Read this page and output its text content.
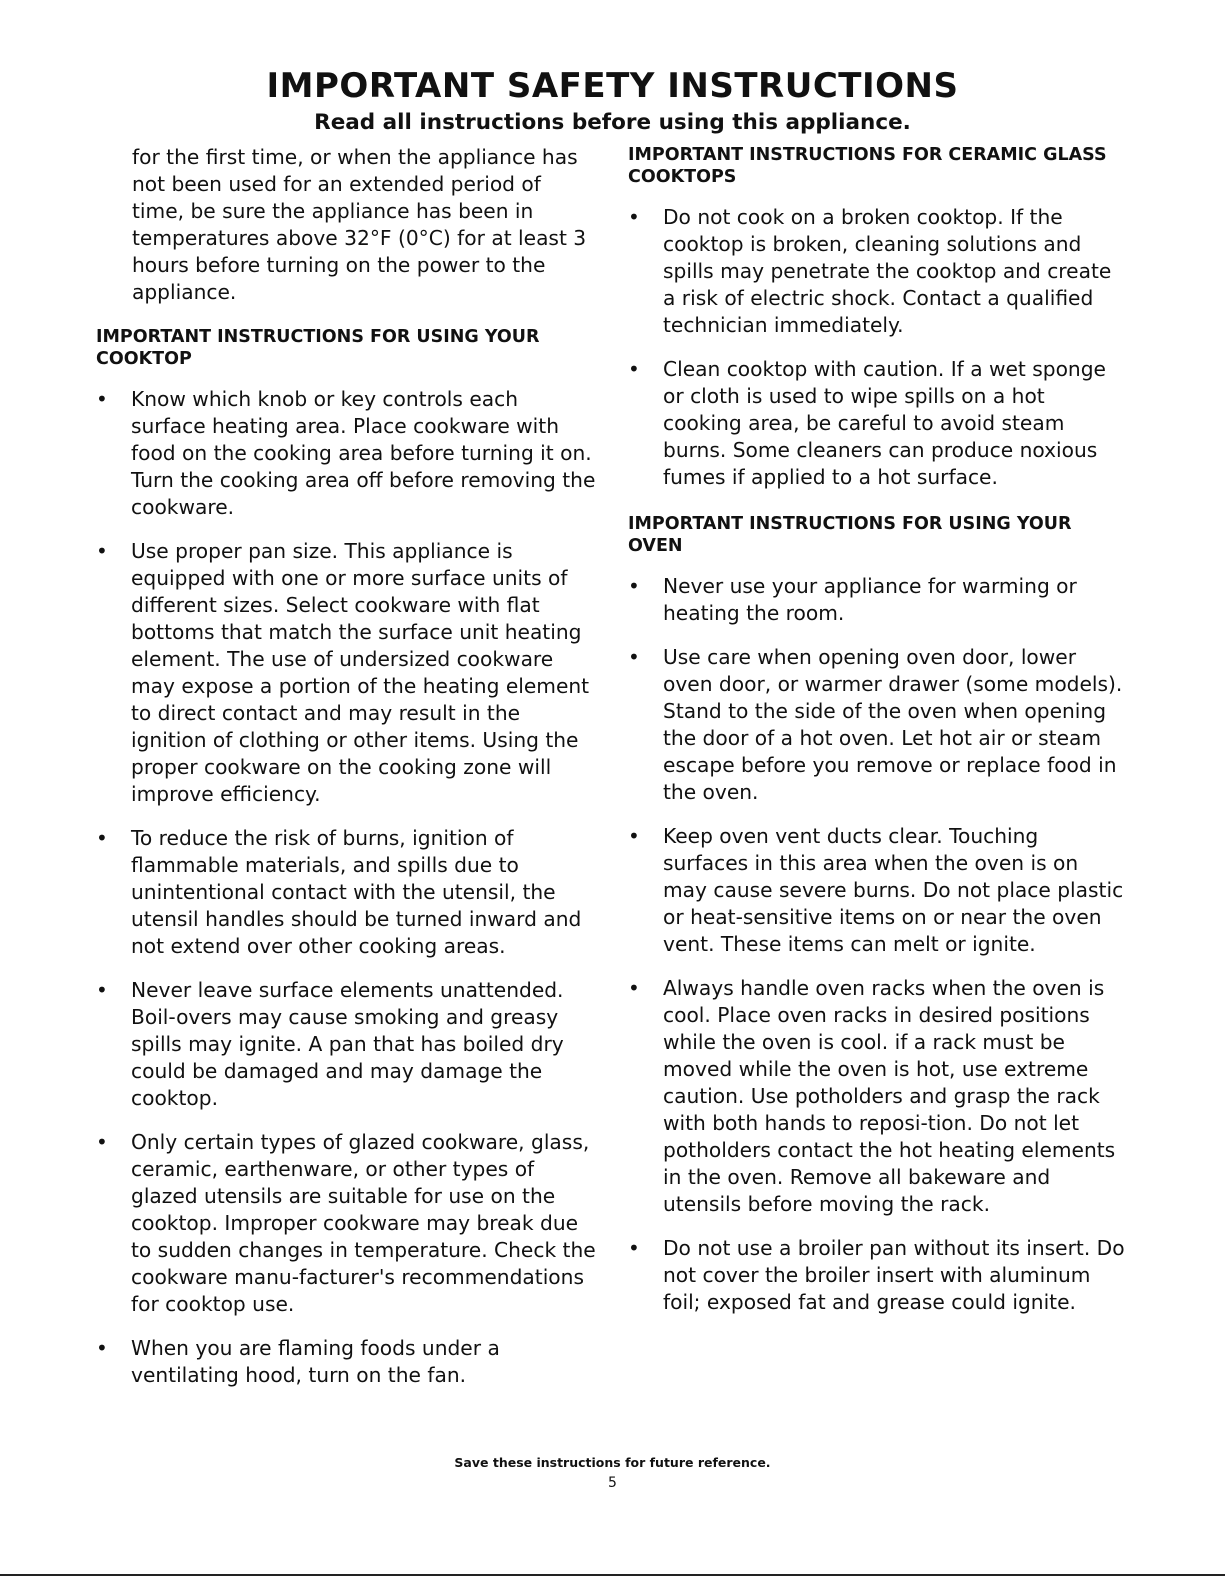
IMPORTANT SAFETY INSTRUCTIONS
Read all instructions before using this appliance.

for the first time, or when the appliance has not been used for an extended period of time, be sure the appliance has been in temperatures above 32°F (0°C) for at least 3 hours before turning on the power to the appliance.

IMPORTANT INSTRUCTIONS FOR USING YOUR COOKTOP
•	Know which knob or key controls each surface heating area. Place cookware with food on the cooking area before turning it on. Turn the cooking area off before removing the cookware.

•	Use proper pan size. This appliance is equipped with one or more surface units of different sizes. Select cookware with flat bottoms that match the surface unit heating element. The use of undersized cookware may expose a portion of the heating element to direct contact and may result in the ignition of clothing or other items. Using the proper cookware on the cooking zone will improve efficiency.

•	To reduce the risk of burns, ignition of flammable materials, and spills due to unintentional contact with the utensil, the utensil handles should be turned inward and not extend over other cooking areas.

•	Never leave surface elements unattended. Boil-overs may cause smoking and greasy spills may ignite. A pan that has boiled dry could be damaged and may damage the cooktop.

•	Only certain types of glazed cookware, glass, ceramic, earthenware, or other types of glazed utensils are suitable for use on the cooktop. Improper cookware may break due to sudden changes in temperature. Check the cookware manu-facturer's recommendations for cooktop use.

•	When you are flaming foods under a ventilating hood, turn on the fan.

IMPORTANT INSTRUCTIONS FOR CERAMIC GLASS COOKTOPS
•	Do not cook on a broken cooktop. If the cooktop is broken, cleaning solutions and spills may penetrate the cooktop and create a risk of electric shock. Contact a qualified technician immediately.

•	Clean cooktop with caution. If a wet sponge or cloth is used to wipe spills on a hot cooking area, be careful to avoid steam burns. Some cleaners can produce noxious fumes if applied to a hot surface.

IMPORTANT INSTRUCTIONS FOR USING YOUR OVEN
•	Never use your appliance for warming or heating the room.

•	Use care when opening oven door, lower oven door, or warmer drawer (some models). Stand to the side of the oven when opening the door of a hot oven. Let hot air or steam escape before you remove or replace food in the oven.

•	Keep oven vent ducts clear. Touching surfaces in this area when the oven is on may cause severe burns. Do not place plastic or heat-sensitive items on or near the oven vent. These items can melt or ignite.

•	Always handle oven racks when the oven is cool. Place oven racks in desired positions while the oven is cool. if a rack must be moved while the oven is hot, use extreme caution. Use potholders and grasp the rack with both hands to reposi-tion. Do not let potholders contact the hot heating elements in the oven. Remove all bakeware and utensils before moving the rack.

•	Do not use a broiler pan without its insert. Do not cover the broiler insert with aluminum foil; exposed fat and grease could ignite.

Save these instructions for future reference.
5
